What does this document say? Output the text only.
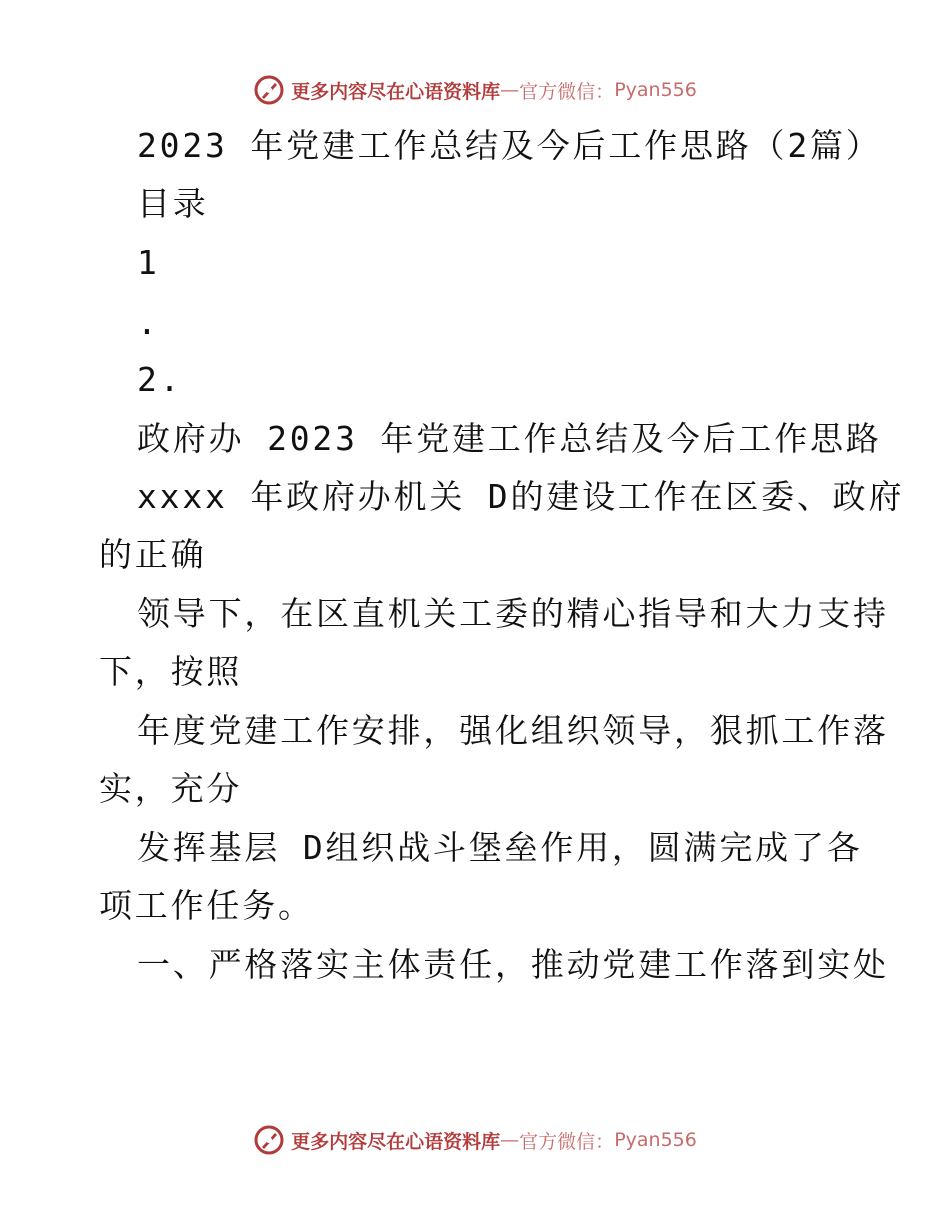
更多内容尽在心语资料库 — 官方微信： Pyan556
2023 年党建工作总结及今后工作思路（2篇）
目录
1
.
2.
政府办 2023 年党建工作总结及今后工作思路
xxxx 年政府办机关 D的建设工作在区委、政府
的正确
领导下，在区直机关工委的精心指导和大力支持
下，按照
年度党建工作安排，强化组织领导，狠抓工作落
实，充分
发挥基层 D组织战斗堡垒作用，圆满完成了各
项工作任务。
一、严格落实主体责任，推动党建工作落到实处
更多内容尽在心语资料库 — 官方微信： Pyan556
